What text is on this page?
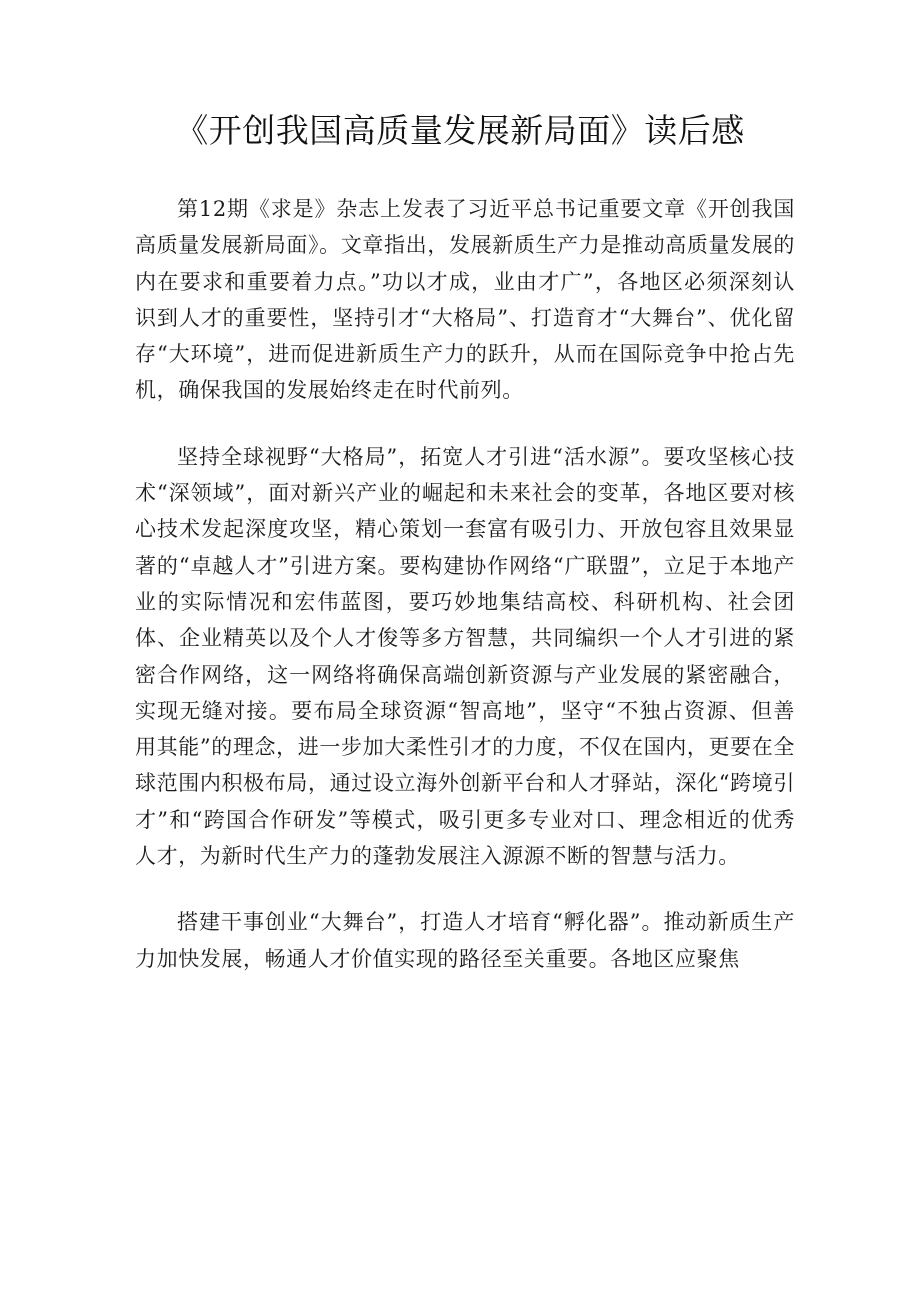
《开创我国高质量发展新局面》读后感

第12期《求是》杂志上发表了习近平总书记重要文章《开创我国高质量发展新局面》。文章指出，发展新质生产力是推动高质量发展的内在要求和重要着力点。”功以才成，业由才广”，各地区必须深刻认识到人才的重要性，坚持引才“大格局”、打造育才“大舞台”、优化留存“大环境”，进而促进新质生产力的跃升，从而在国际竞争中抢占先机，确保我国的发展始终走在时代前列。

坚持全球视野“大格局”，拓宽人才引进“活水源”。要攻坚核心技术“深领域”，面对新兴产业的崛起和未来社会的变革，各地区要对核心技术发起深度攻坚，精心策划一套富有吸引力、开放包容且效果显著的“卓越人才”引进方案。要构建协作网络“广联盟”，立足于本地产业的实际情况和宏伟蓝图，要巧妙地集结高校、科研机构、社会团体、企业精英以及个人才俊等多方智慧，共同编织一个人才引进的紧密合作网络，这一网络将确保高端创新资源与产业发展的紧密融合，实现无缝对接。要布局全球资源“智高地”，坚守“不独占资源、但善用其能”的理念，进一步加大柔性引才的力度，不仅在国内，更要在全球范围内积极布局，通过设立海外创新平台和人才驿站，深化“跨境引才”和“跨国合作研发”等模式，吸引更多专业对口、理念相近的优秀人才，为新时代生产力的蓬勃发展注入源源不断的智慧与活力。

搭建干事创业“大舞台”，打造人才培育“孵化器”。推动新质生产力加快发展，畅通人才价值实现的路径至关重要。各地区应聚焦
